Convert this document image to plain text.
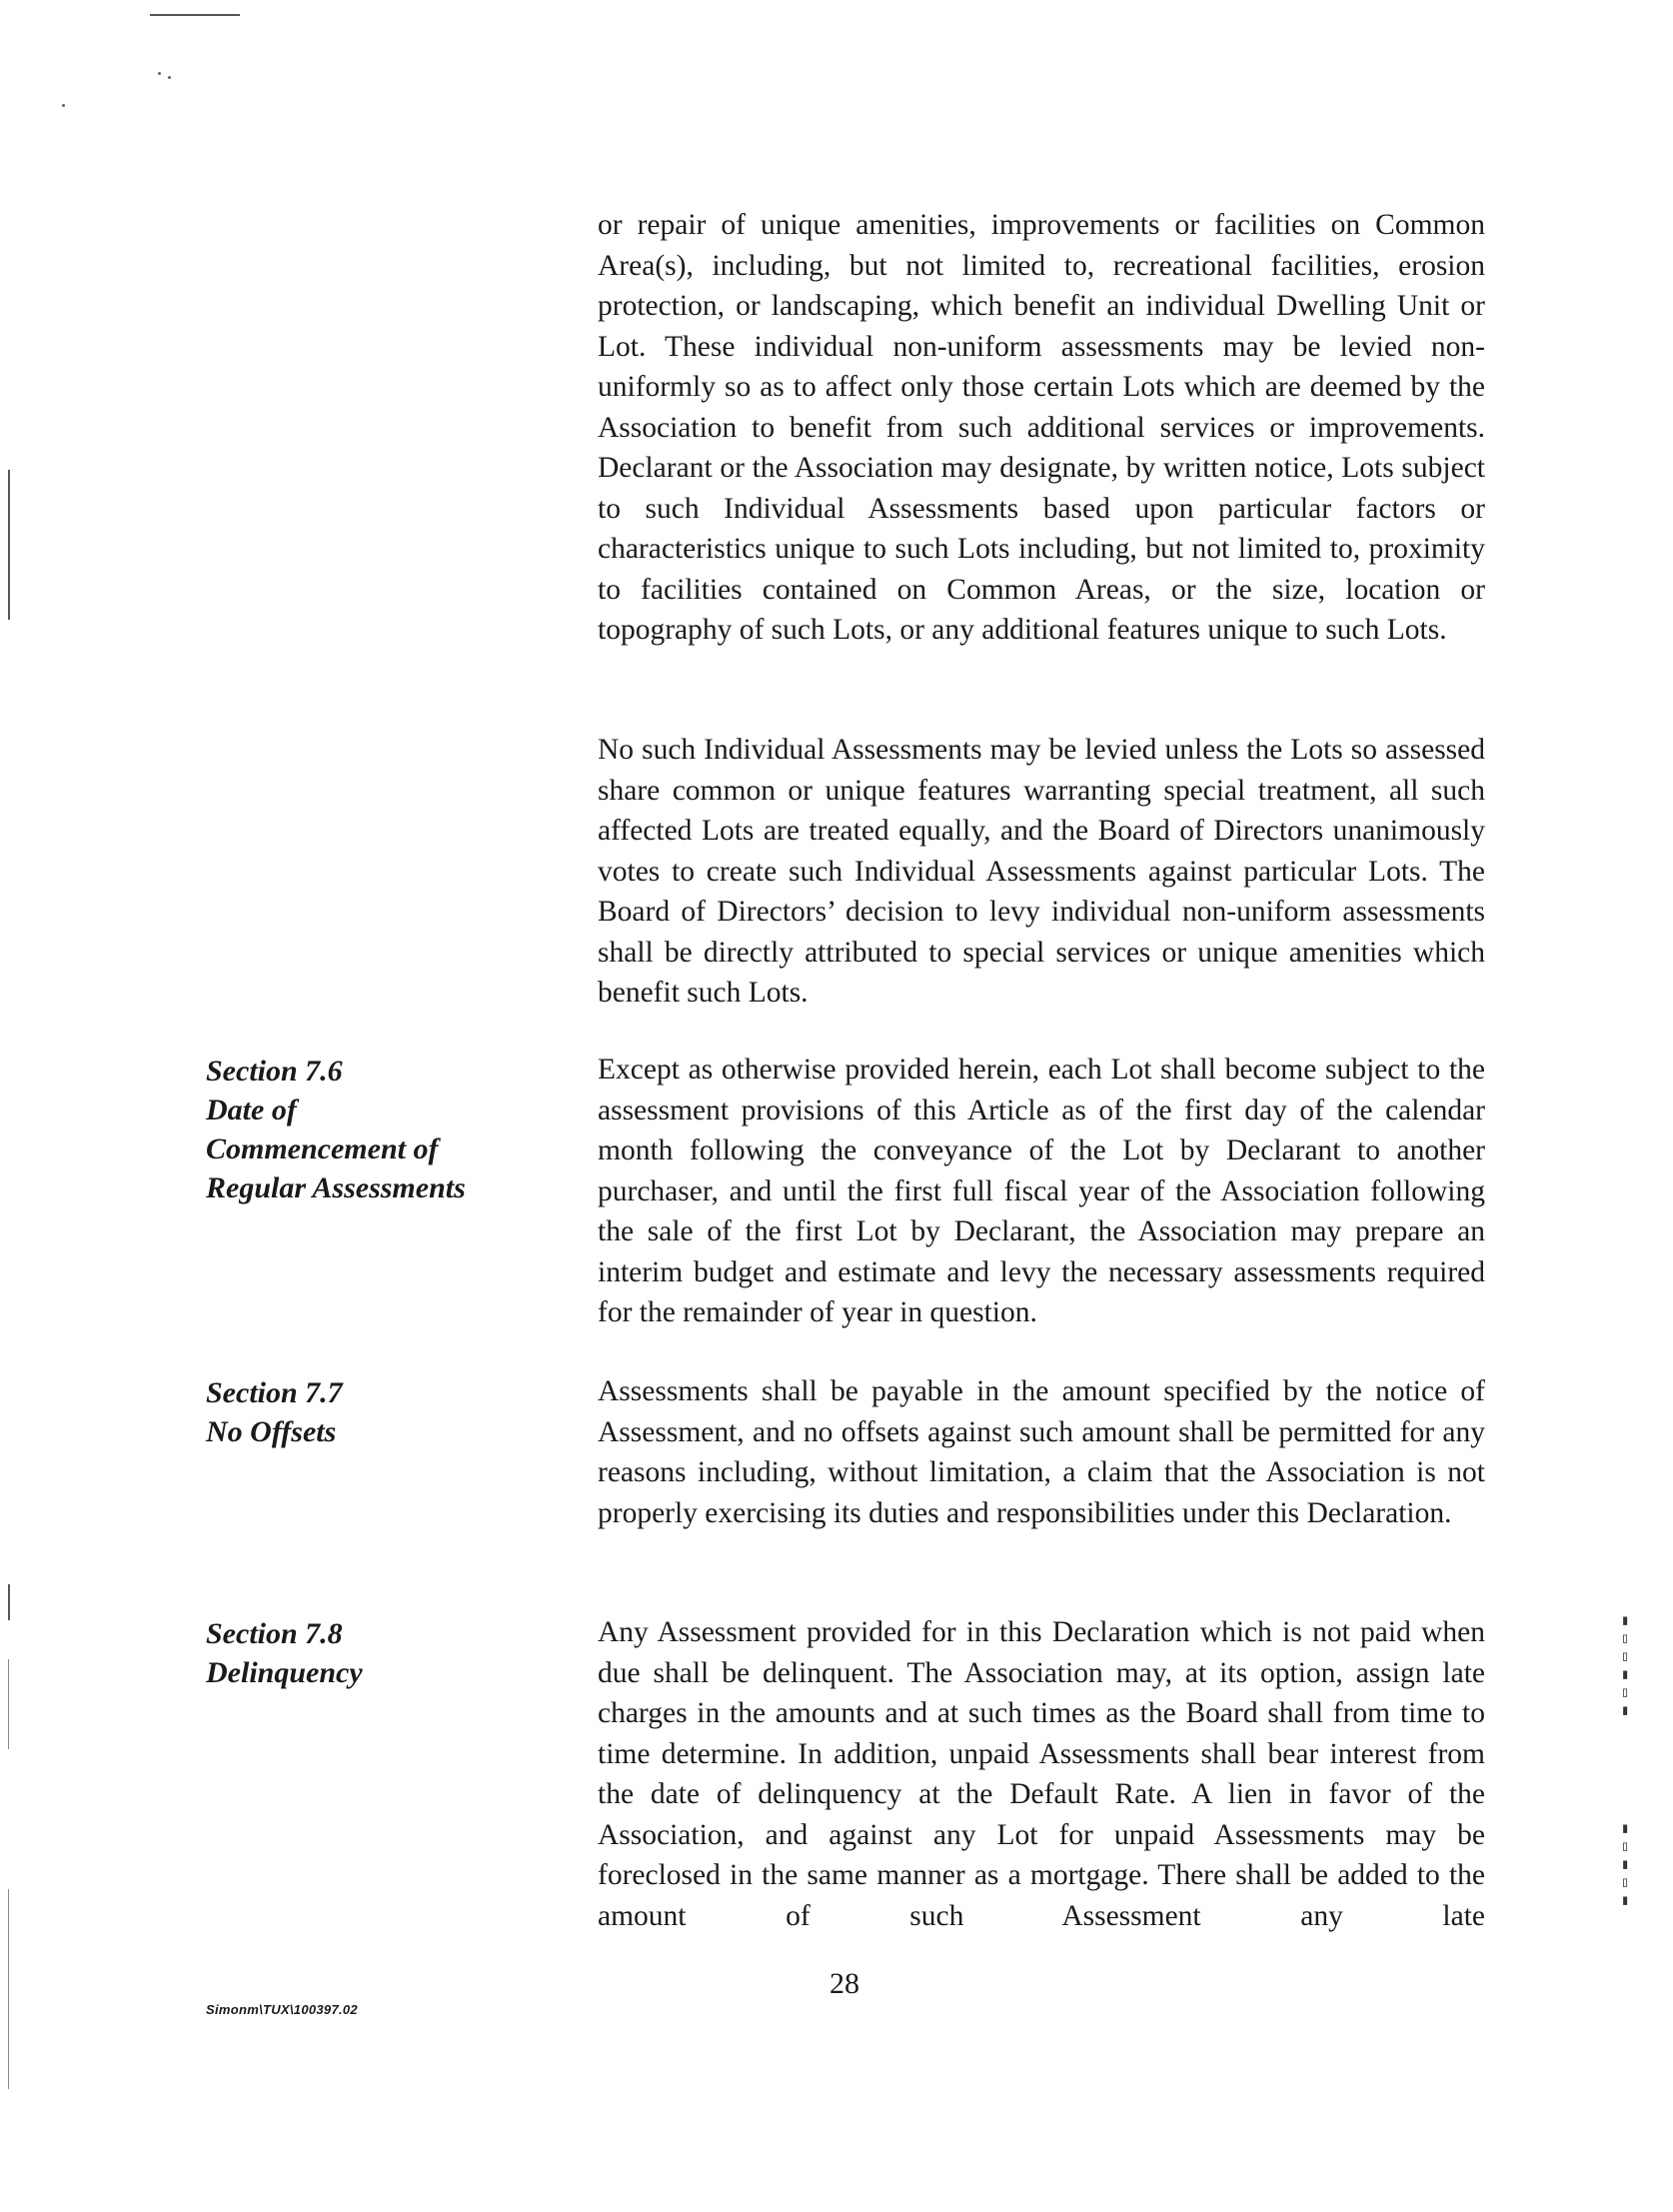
▮▯▮▯▯▮
▮▯▮▯▮

or repair of unique amenities, improvements or facilities on Common Area(s), including, but not limited to, recreational facilities, erosion protection, or landscaping, which benefit an individual Dwelling Unit or Lot. These individual non-uniform assessments may be levied non-uniformly so as to affect only those certain Lots which are deemed by the Association to benefit from such additional services or improvements. Declarant or the Association may designate, by written notice, Lots subject to such Individual Assessments based upon particular factors or characteristics unique to such Lots including, but not limited to, proximity to facilities contained on Common Areas, or the size, location or topography of such Lots, or any additional features unique to such Lots.

No such Individual Assessments may be levied unless the Lots so assessed share common or unique features warranting special treatment, all such affected Lots are treated equally, and the Board of Directors unanimously votes to create such Individual Assessments against particular Lots. The Board of Directors’ decision to levy individual non-uniform assessments shall be directly attributed to special services or unique amenities which benefit such Lots.

Section 7.6
Date of
Commencement of
Regular Assessments

Except as otherwise provided herein, each Lot shall become subject to the assessment provisions of this Article as of the first day of the calendar month following the conveyance of the Lot by Declarant to another purchaser, and until the first full fiscal year of the Association following the sale of the first Lot by Declarant, the Association may prepare an interim budget and estimate and levy the necessary assessments required for the remainder of year in question.

Section 7.7
No Offsets

Assessments shall be payable in the amount specified by the notice of Assessment, and no offsets against such amount shall be permitted for any reasons including, without limitation, a claim that the Association is not properly exercising its duties and responsibilities under this Declaration.

Section 7.8
Delinquency

Any Assessment provided for in this Declaration which is not paid when due shall be delinquent. The Association may, at its option, assign late charges in the amounts and at such times as the Board shall from time to time determine. In addition, unpaid Assessments shall bear interest from the date of delinquency at the Default Rate. A lien in favor of the Association, and against any Lot for unpaid Assessments may be foreclosed in the same manner as a mortgage. There shall be added to the amount of such Assessment any late

Simonm\TUX\100397.02
28
